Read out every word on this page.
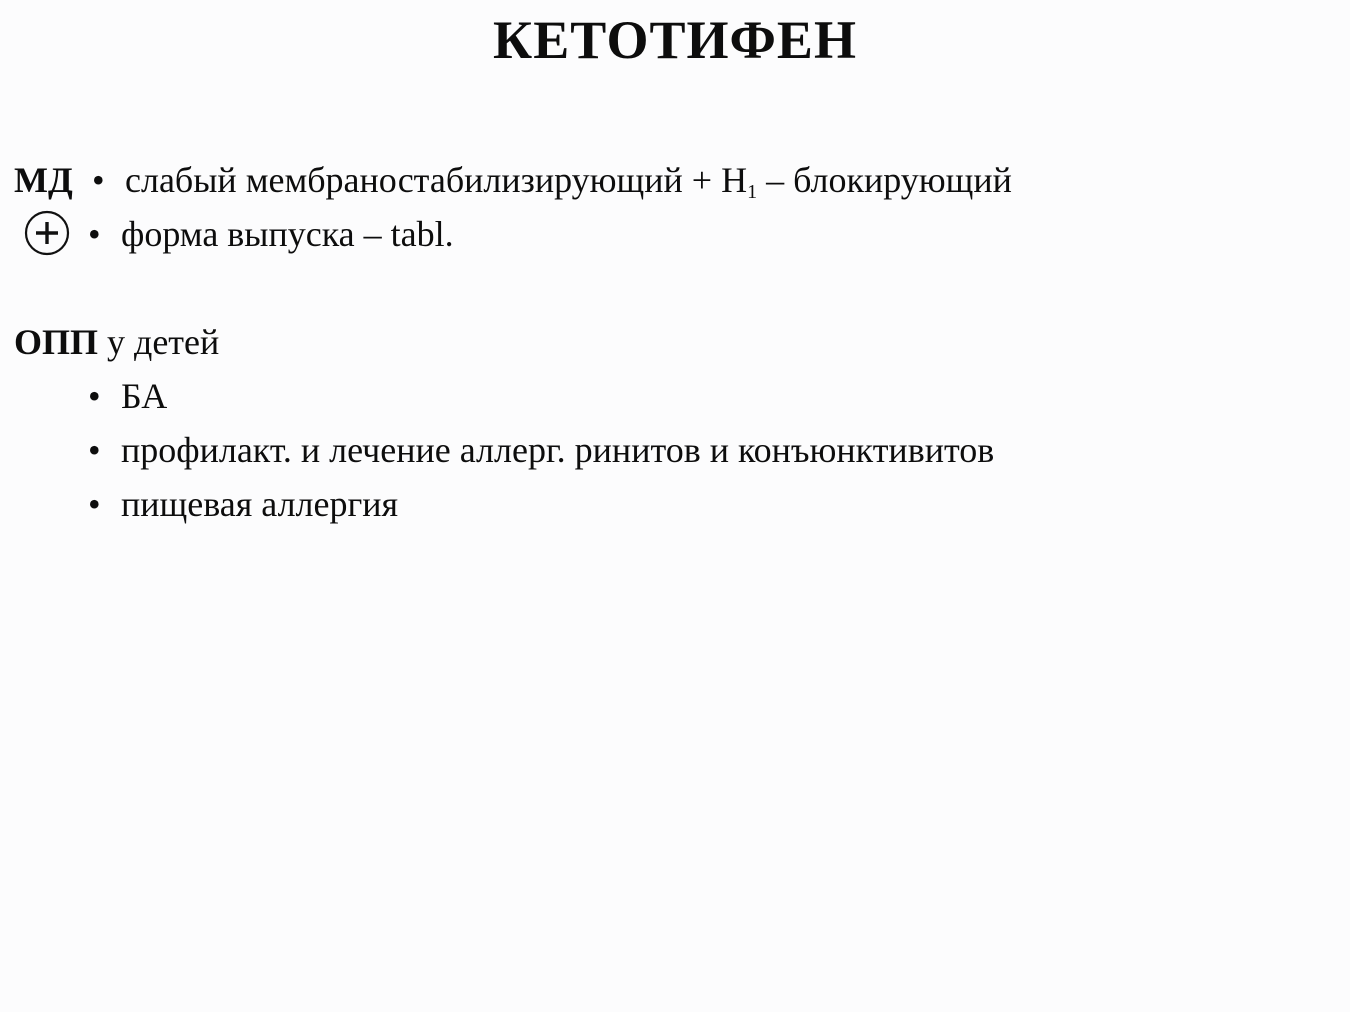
КЕТОТИФЕН
МД • слабый мембраностабилизирующий + $Н_1$ – блокирующий
• форма выпуска – tabl.
ОПП у детей
• БА
• профилакт. и лечение аллерг. ринитов и конъюнктивитов
• пищевая аллергия
